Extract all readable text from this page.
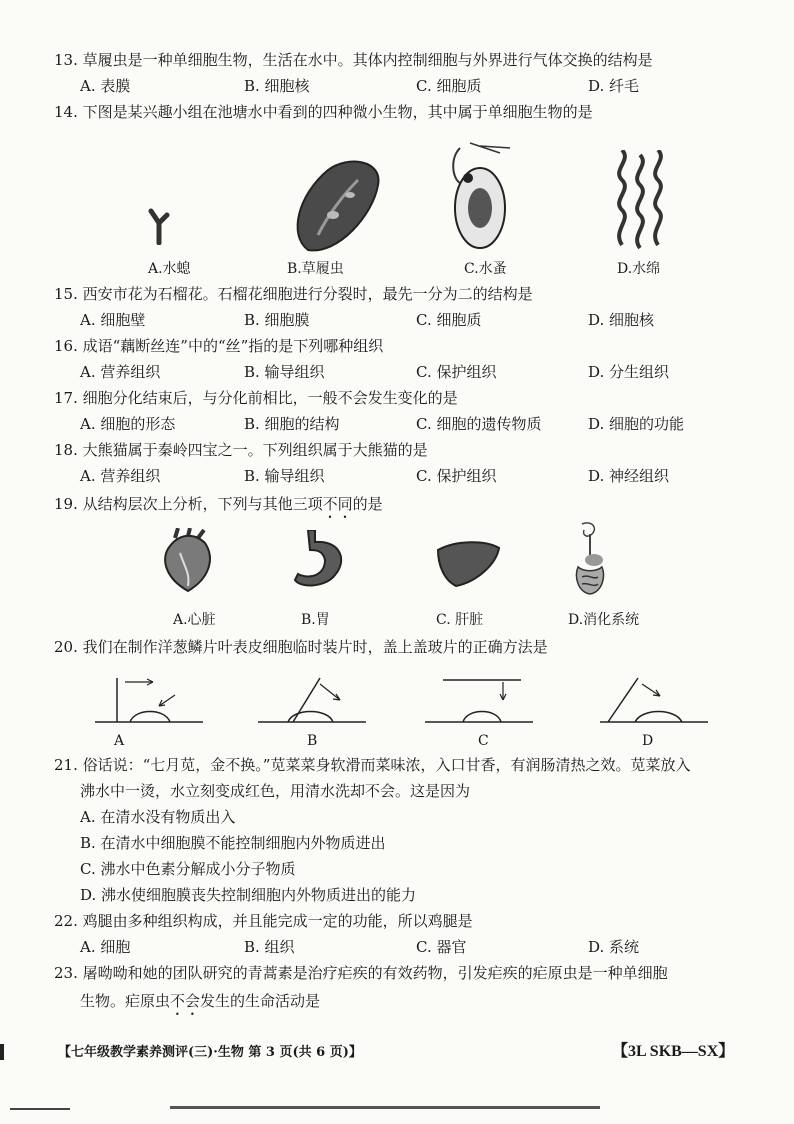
13. 草履虫是一种单细胞生物，生活在水中。其体内控制细胞与外界进行气体交换的结构是
A. 表膜	B. 细胞核	C. 细胞质	D. 纤毛
14. 下图是某兴趣小组在池塘水中看到的四种微小生物，其中属于单细胞生物的是
A.水螅	B.草履虫	C.水蚤	D.水绵
15. 西安市花为石榴花。石榴花细胞进行分裂时，最先一分为二的结构是
A. 细胞壁	B. 细胞膜	C. 细胞质	D. 细胞核
16. 成语“藕断丝连”中的“丝”指的是下列哪种组织
A. 营养组织	B. 输导组织	C. 保护组织	D. 分生组织
17. 细胞分化结束后，与分化前相比，一般不会发生变化的是
A. 细胞的形态	B. 细胞的结构	C. 细胞的遗传物质	D. 细胞的功能
18. 大熊猫属于秦岭四宝之一。下列组织属于大熊猫的是
A. 营养组织	B. 输导组织	C. 保护组织	D. 神经组织
19. 从结构层次上分析，下列与其他三项不同的是
A.心脏	B.胃	C. 肝脏	D.消化系统
20. 我们在制作洋葱鳞片叶表皮细胞临时装片时，盖上盖玻片的正确方法是
A	B	C	D
21. 俗话说：“七月苋，金不换。”苋菜菜身软滑而菜味浓，入口甘香，有润肠清热之效。苋菜放入
沸水中一烫，水立刻变成红色，用清水洗却不会。这是因为
A. 在清水没有物质出入
B. 在清水中细胞膜不能控制细胞内外物质进出
C. 沸水中色素分解成小分子物质
D. 沸水使细胞膜丧失控制细胞内外物质进出的能力
22. 鸡腿由多种组织构成，并且能完成一定的功能，所以鸡腿是
A. 细胞	B. 组织	C. 器官	D. 系统
23. 屠呦呦和她的团队研究的青蒿素是治疗疟疾的有效药物，引发疟疾的疟原虫是一种单细胞
生物。疟原虫不会发生的生命活动是
【七年级教学素养测评(三)·生物 第 3 页(共 6 页)】	【3L SKB—SX】
